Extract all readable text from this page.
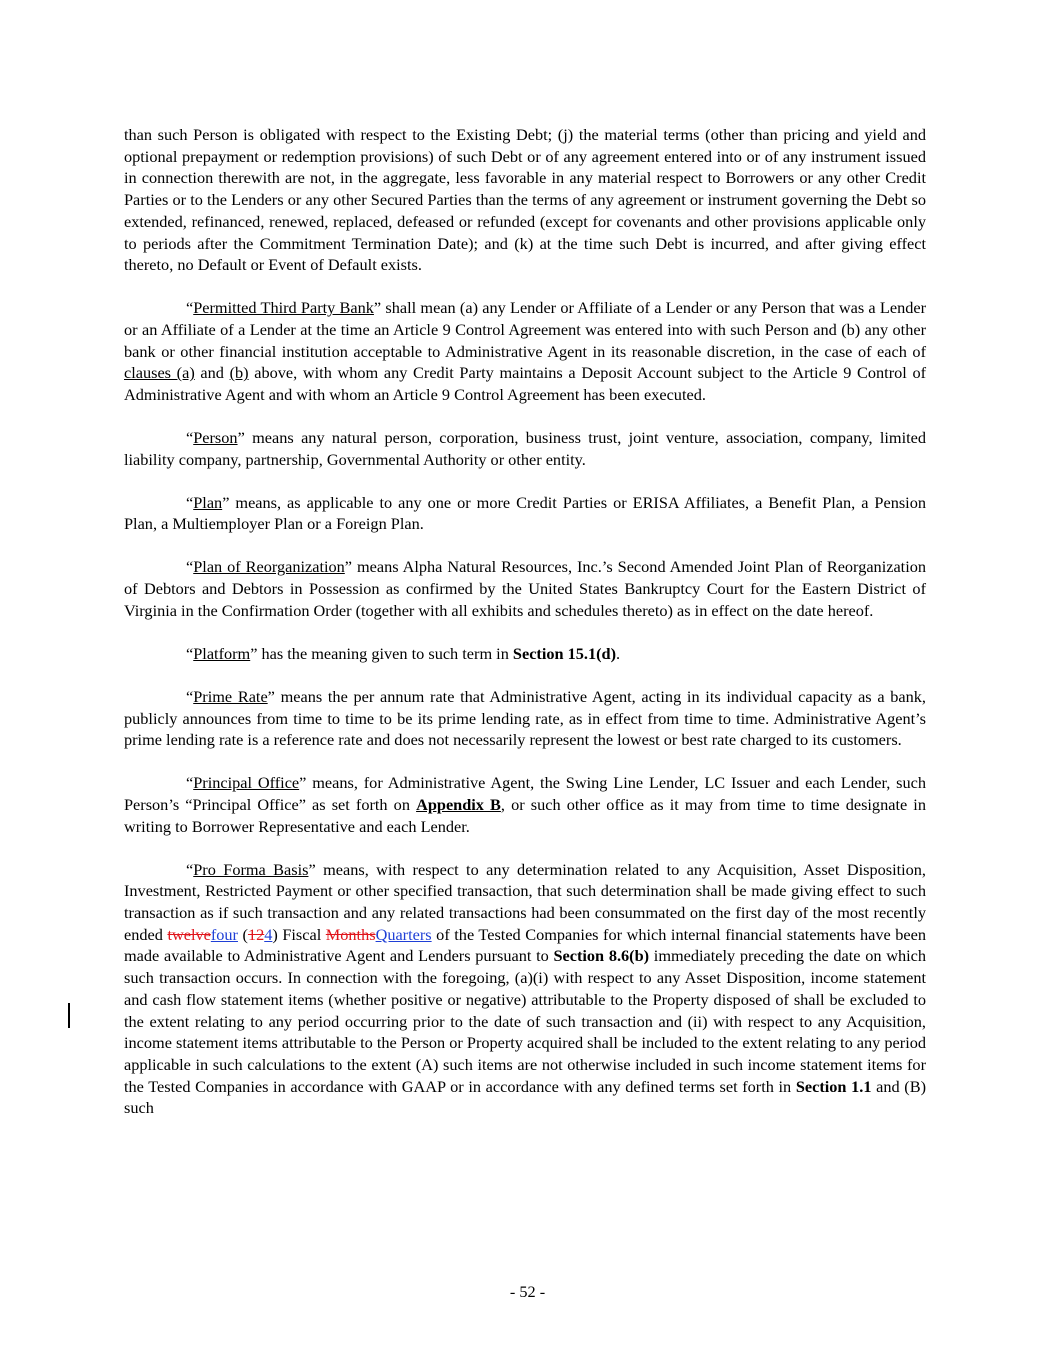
than such Person is obligated with respect to the Existing Debt; (j) the material terms (other than pricing and yield and optional prepayment or redemption provisions) of such Debt or of any agreement entered into or of any instrument issued in connection therewith are not, in the aggregate, less favorable in any material respect to Borrowers or any other Credit Parties or to the Lenders or any other Secured Parties than the terms of any agreement or instrument governing the Debt so extended, refinanced, renewed, replaced, defeased or refunded (except for covenants and other provisions applicable only to periods after the Commitment Termination Date); and (k) at the time such Debt is incurred, and after giving effect thereto, no Default or Event of Default exists.

“Permitted Third Party Bank” shall mean (a) any Lender or Affiliate of a Lender or any Person that was a Lender or an Affiliate of a Lender at the time an Article 9 Control Agreement was entered into with such Person and (b) any other bank or other financial institution acceptable to Administrative Agent in its reasonable discretion, in the case of each of clauses (a) and (b) above, with whom any Credit Party maintains a Deposit Account subject to the Article 9 Control of Administrative Agent and with whom an Article 9 Control Agreement has been executed.

“Person” means any natural person, corporation, business trust, joint venture, association, company, limited liability company, partnership, Governmental Authority or other entity.

“Plan” means, as applicable to any one or more Credit Parties or ERISA Affiliates, a Benefit Plan, a Pension Plan, a Multiemployer Plan or a Foreign Plan.

“Plan of Reorganization” means Alpha Natural Resources, Inc.’s Second Amended Joint Plan of Reorganization of Debtors and Debtors in Possession as confirmed by the United States Bankruptcy Court for the Eastern District of Virginia in the Confirmation Order (together with all exhibits and schedules thereto) as in effect on the date hereof.

“Platform” has the meaning given to such term in Section 15.1(d).

“Prime Rate” means the per annum rate that Administrative Agent, acting in its individual capacity as a bank, publicly announces from time to time to be its prime lending rate, as in effect from time to time. Administrative Agent’s prime lending rate is a reference rate and does not necessarily represent the lowest or best rate charged to its customers.

“Principal Office” means, for Administrative Agent, the Swing Line Lender, LC Issuer and each Lender, such Person’s “Principal Office” as set forth on Appendix B, or such other office as it may from time to time designate in writing to Borrower Representative and each Lender.

“Pro Forma Basis” means, with respect to any determination related to any Acquisition, Asset Disposition, Investment, Restricted Payment or other specified transaction, that such determination shall be made giving effect to such transaction as if such transaction and any related transactions had been consummated on the first day of the most recently ended twelvefour (124) Fiscal MonthsQuarters of the Tested Companies for which internal financial statements have been made available to Administrative Agent and Lenders pursuant to Section 8.6(b) immediately preceding the date on which such transaction occurs. In connection with the foregoing, (a)(i) with respect to any Asset Disposition, income statement and cash flow statement items (whether positive or negative) attributable to the Property disposed of shall be excluded to the extent relating to any period occurring prior to the date of such transaction and (ii) with respect to any Acquisition, income statement items attributable to the Person or Property acquired shall be included to the extent relating to any period applicable in such calculations to the extent (A) such items are not otherwise included in such income statement items for the Tested Companies in accordance with GAAP or in accordance with any defined terms set forth in Section 1.1 and (B) such

- 52 -
